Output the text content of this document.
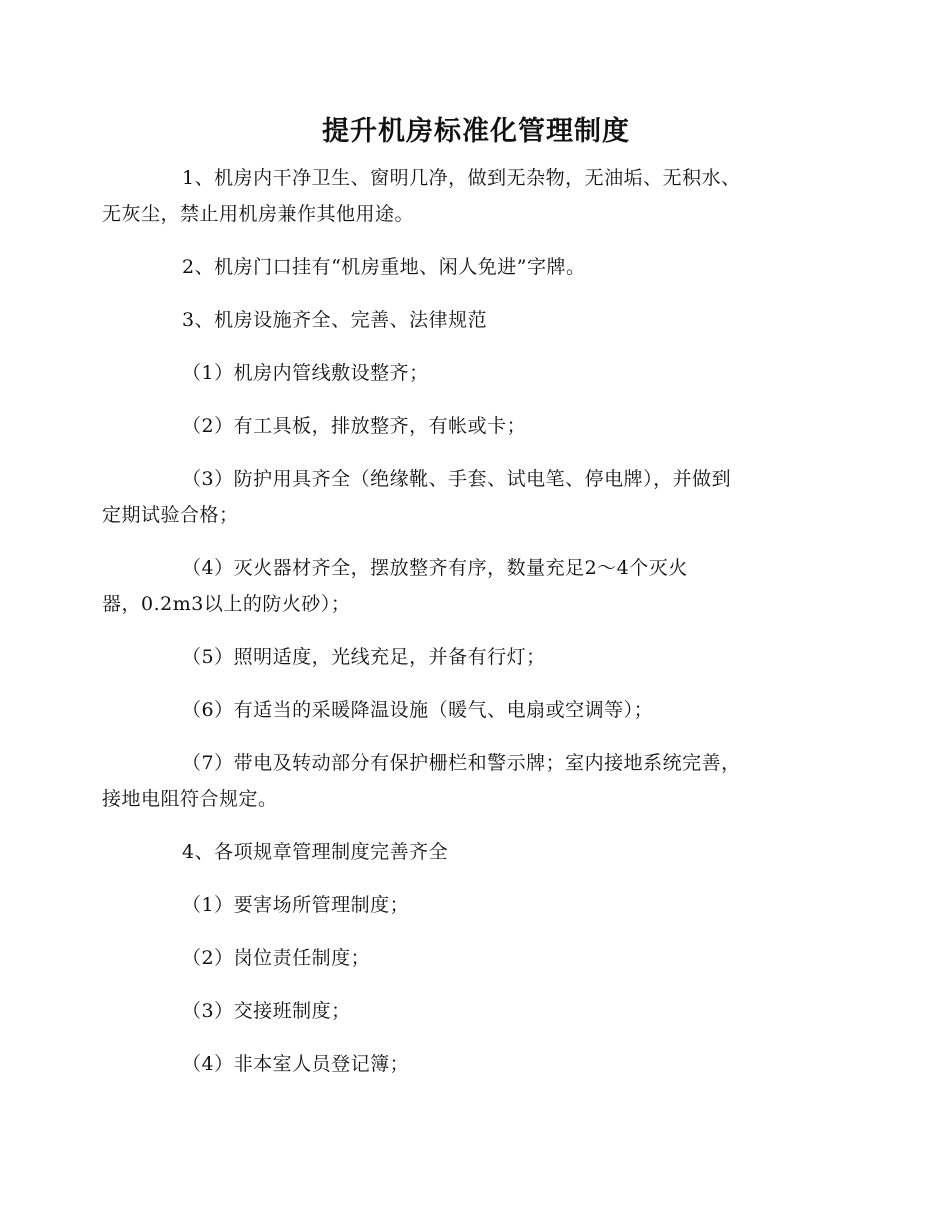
提升机房标准化管理制度

1、机房内干净卫生、窗明几净，做到无杂物，无油垢、无积水、
无灰尘，禁止用机房兼作其他用途。

2、机房门口挂有“机房重地、闲人免进”字牌。

3、机房设施齐全、完善、法律规范

（1）机房内管线敷设整齐；

（2）有工具板，排放整齐，有帐或卡；

（3）防护用具齐全（绝缘靴、手套、试电笔、停电牌），并做到
定期试验合格；

（4）灭火器材齐全，摆放整齐有序，数量充足2～4个灭火
器，0.2m3以上的防火砂）；

（5）照明适度，光线充足，并备有行灯；

（6）有适当的采暖降温设施（暖气、电扇或空调等）；

（7）带电及转动部分有保护栅栏和警示牌；室内接地系统完善，
接地电阻符合规定。

4、各项规章管理制度完善齐全

（1）要害场所管理制度；

（2）岗位责任制度；

（3）交接班制度；

（4）非本室人员登记簿；
